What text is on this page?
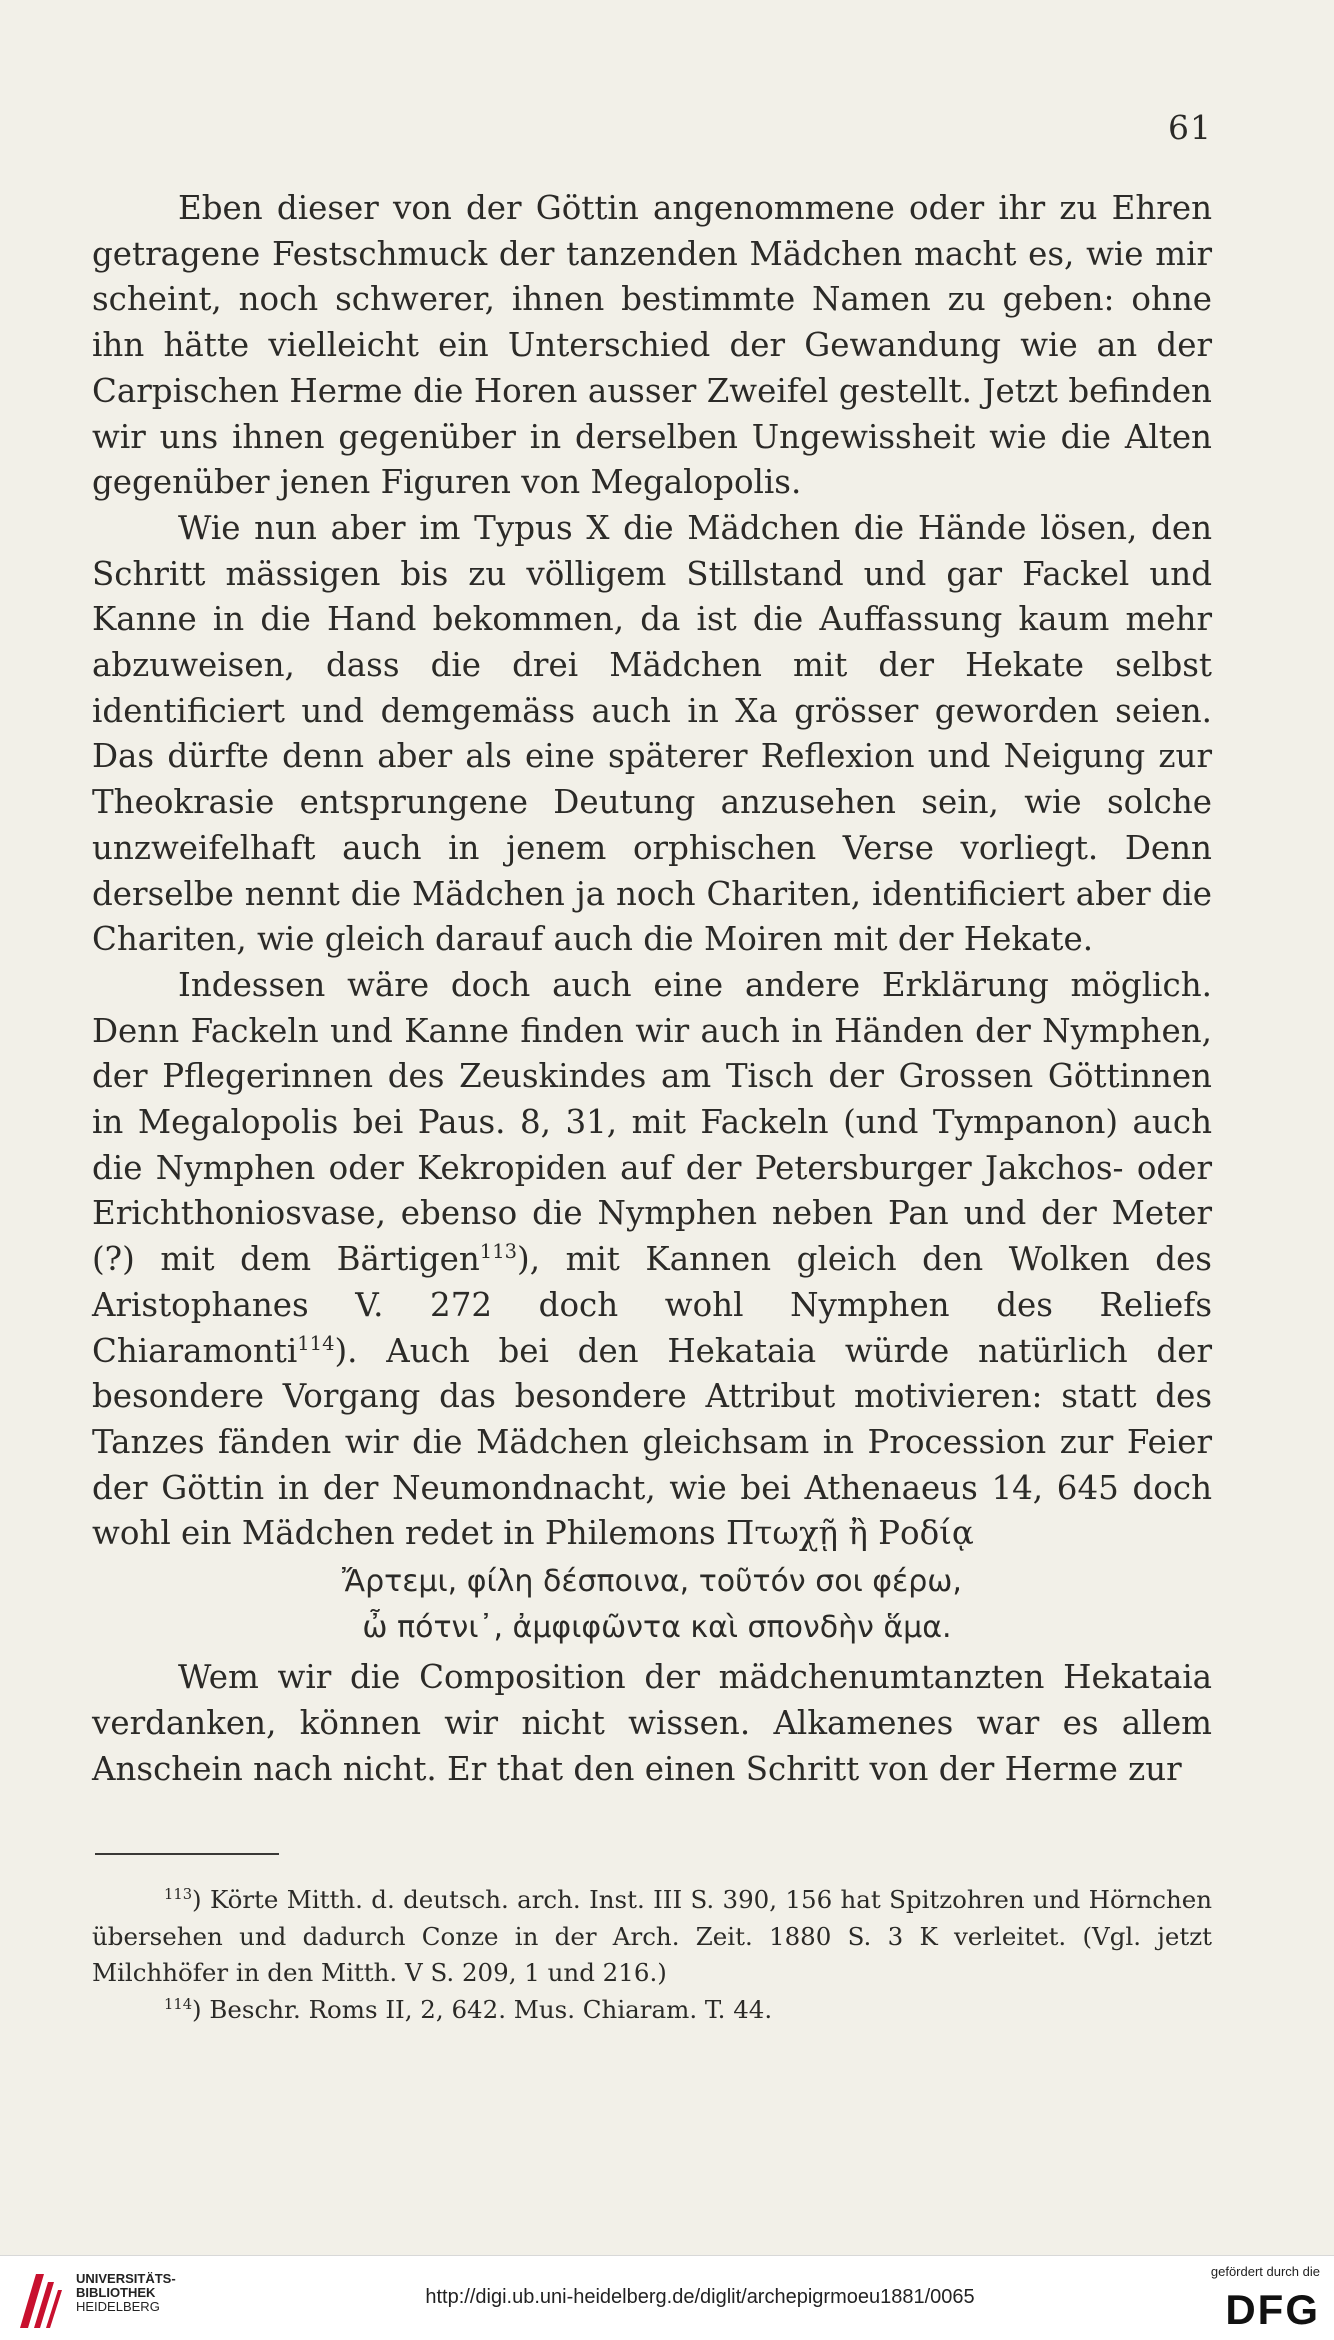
61

Eben dieser von der Göttin angenommene oder ihr zu Ehren getragene Festschmuck der tanzenden Mädchen macht es, wie mir scheint, noch schwerer, ihnen bestimmte Namen zu geben: ohne ihn hätte vielleicht ein Unterschied der Gewandung wie an der Carpischen Herme die Horen ausser Zweifel gestellt. Jetzt befinden wir uns ihnen gegenüber in derselben Ungewissheit wie die Alten gegenüber jenen Figuren von Megalopolis.

Wie nun aber im Typus X die Mädchen die Hände lösen, den Schritt mässigen bis zu völligem Stillstand und gar Fackel und Kanne in die Hand bekommen, da ist die Auffassung kaum mehr abzuweisen, dass die drei Mädchen mit der Hekate selbst identificiert und demgemäss auch in Xa grösser geworden seien. Das dürfte denn aber als eine späterer Reflexion und Neigung zur Theokrasie entsprungene Deutung anzusehen sein, wie solche unzweifelhaft auch in jenem orphischen Verse vorliegt. Denn derselbe nennt die Mädchen ja noch Chariten, identificiert aber die Chariten, wie gleich darauf auch die Moiren mit der Hekate.

Indessen wäre doch auch eine andere Erklärung möglich. Denn Fackeln und Kanne finden wir auch in Händen der Nymphen, der Pflegerinnen des Zeuskindes am Tisch der Grossen Göttinnen in Megalopolis bei Paus. 8, 31, mit Fackeln (und Tympanon) auch die Nymphen oder Kekropiden auf der Petersburger Jakchos- oder Erichthoniosvase, ebenso die Nymphen neben Pan und der Meter (?) mit dem Bärtigen$^{113}$), mit Kannen gleich den Wolken des Aristophanes V. 272 doch wohl Nymphen des Reliefs Chiaramonti$^{114}$). Auch bei den Hekataia würde natürlich der besondere Vorgang das besondere Attribut motivieren: statt des Tanzes fänden wir die Mädchen gleichsam in Procession zur Feier der Göttin in der Neumondnacht, wie bei Athenaeus 14, 645 doch wohl ein Mädchen redet in Philemons Πτωχῇ ἢ Ροδίᾳ

Ἄρτεμι, φίλη δέσποινα, τοῦτόν σοι φέρω,
ὦ πότνι᾽, ἀμφιφῶντα καὶ σπονδὴν ἅμα.

Wem wir die Composition der mädchenumtanzten Hekataia verdanken, können wir nicht wissen. Alkamenes war es allem Anschein nach nicht. Er that den einen Schritt von der Herme zur

$^{113}$) Körte Mitth. d. deutsch. arch. Inst. III S. 390, 156 hat Spitzohren und Hörnchen übersehen und dadurch Conze in der Arch. Zeit. 1880 S. 3 K verleitet. (Vgl. jetzt Milchhöfer in den Mitth. V S. 209, 1 und 216.)

$^{114}$) Beschr. Roms II, 2, 642. Mus. Chiaram. T. 44.

UNIVERSITÄTS-
BIBLIOTHEK
HEIDELBERG	http://digi.ub.uni-heidelberg.de/diglit/archepigrmoeu1881/0065
gefördert durch die
DFG
